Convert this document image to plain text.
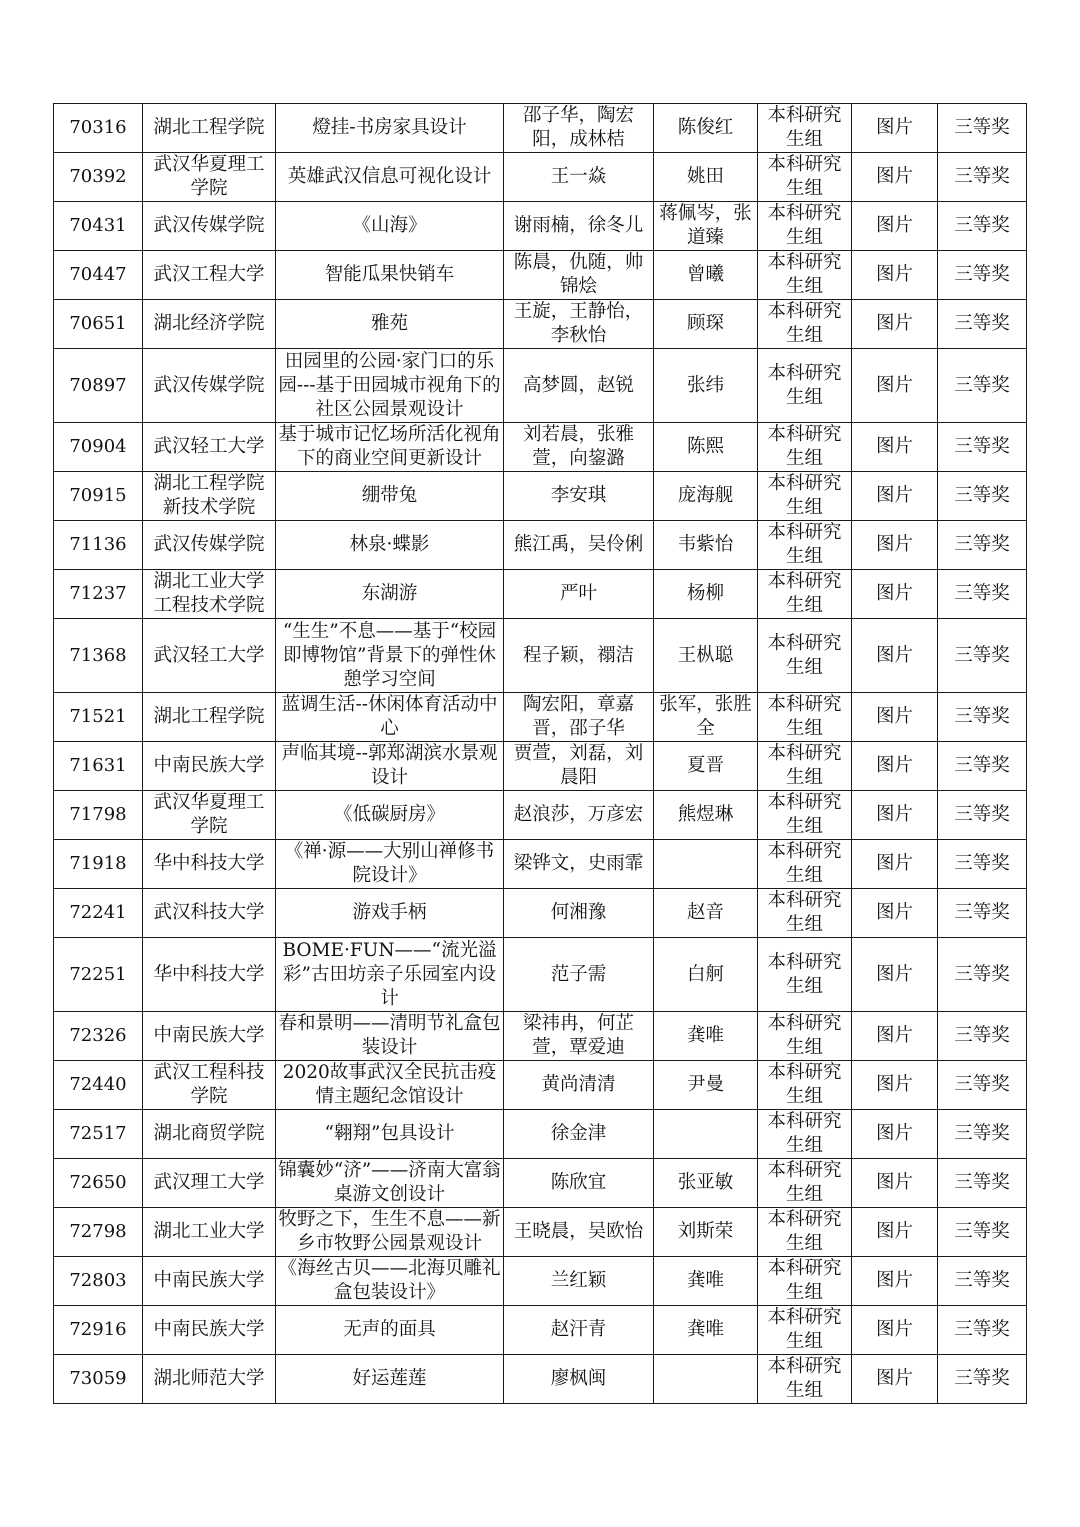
70316	湖北工程学院	燈挂-书房家具设计	邵子华，陶宏阳，成林桔	陈俊红	本科研究生组	图片	三等奖
70392	武汉华夏理工学院	英雄武汉信息可视化设计	王一焱	姚田	本科研究生组	图片	三等奖
70431	武汉传媒学院	《山海》	谢雨楠，徐冬儿	蒋佩岑，张道臻	本科研究生组	图片	三等奖
70447	武汉工程大学	智能瓜果快销车	陈晨，仇随，帅锦烩	曾曦	本科研究生组	图片	三等奖
70651	湖北经济学院	雅苑	王旋，王静怡，李秋怡	顾琛	本科研究生组	图片	三等奖
70897	武汉传媒学院	田园里的公园·家门口的乐园---基于田园城市视角下的社区公园景观设计	高梦圆，赵锐	张纬	本科研究生组	图片	三等奖
70904	武汉轻工大学	基于城市记忆场所活化视角下的商业空间更新设计	刘若晨，张雅萱，向鋆潞	陈熙	本科研究生组	图片	三等奖
70915	湖北工程学院新技术学院	绷带兔	李安琪	庞海舰	本科研究生组	图片	三等奖
71136	武汉传媒学院	林泉·蝶影	熊江禹，吴伶俐	韦紫怡	本科研究生组	图片	三等奖
71237	湖北工业大学工程技术学院	东湖游	严叶	杨柳	本科研究生组	图片	三等奖
71368	武汉轻工大学	“生生”不息——基于“校园即博物馆”背景下的弹性休憩学习空间	程子颖，禤洁	王枞聪	本科研究生组	图片	三等奖
71521	湖北工程学院	蓝调生活--休闲体育活动中心	陶宏阳，章嘉晋，邵子华	张军，张胜全	本科研究生组	图片	三等奖
71631	中南民族大学	声临其境--郭郑湖滨水景观设计	贾萱，刘磊，刘晨阳	夏晋	本科研究生组	图片	三等奖
71798	武汉华夏理工学院	《低碳厨房》	赵浪莎，万彦宏	熊煜琳	本科研究生组	图片	三等奖
71918	华中科技大学	《禅·源——大别山禅修书院设计》	梁铧文，史雨霏		本科研究生组	图片	三等奖
72241	武汉科技大学	游戏手柄	何湘豫	赵音	本科研究生组	图片	三等奖
72251	华中科技大学	BOME·FUN——“流光溢彩”古田坊亲子乐园室内设计	范子需	白舸	本科研究生组	图片	三等奖
72326	中南民族大学	春和景明——清明节礼盒包装设计	梁祎冉，何芷萱，覃爱迪	龚唯	本科研究生组	图片	三等奖
72440	武汉工程科技学院	2020故事武汉全民抗击疫情主题纪念馆设计	黄尚清清	尹曼	本科研究生组	图片	三等奖
72517	湖北商贸学院	“翱翔”包具设计	徐金津		本科研究生组	图片	三等奖
72650	武汉理工大学	锦囊妙“济”——济南大富翁桌游文创设计	陈欣宜	张亚敏	本科研究生组	图片	三等奖
72798	湖北工业大学	牧野之下，生生不息——新乡市牧野公园景观设计	王晓晨，吴欧怡	刘斯荣	本科研究生组	图片	三等奖
72803	中南民族大学	《海丝古贝——北海贝雕礼盒包装设计》	兰红颖	龚唯	本科研究生组	图片	三等奖
72916	中南民族大学	无声的面具	赵汗青	龚唯	本科研究生组	图片	三等奖
73059	湖北师范大学	好运莲莲	廖枫闽		本科研究生组	图片	三等奖
